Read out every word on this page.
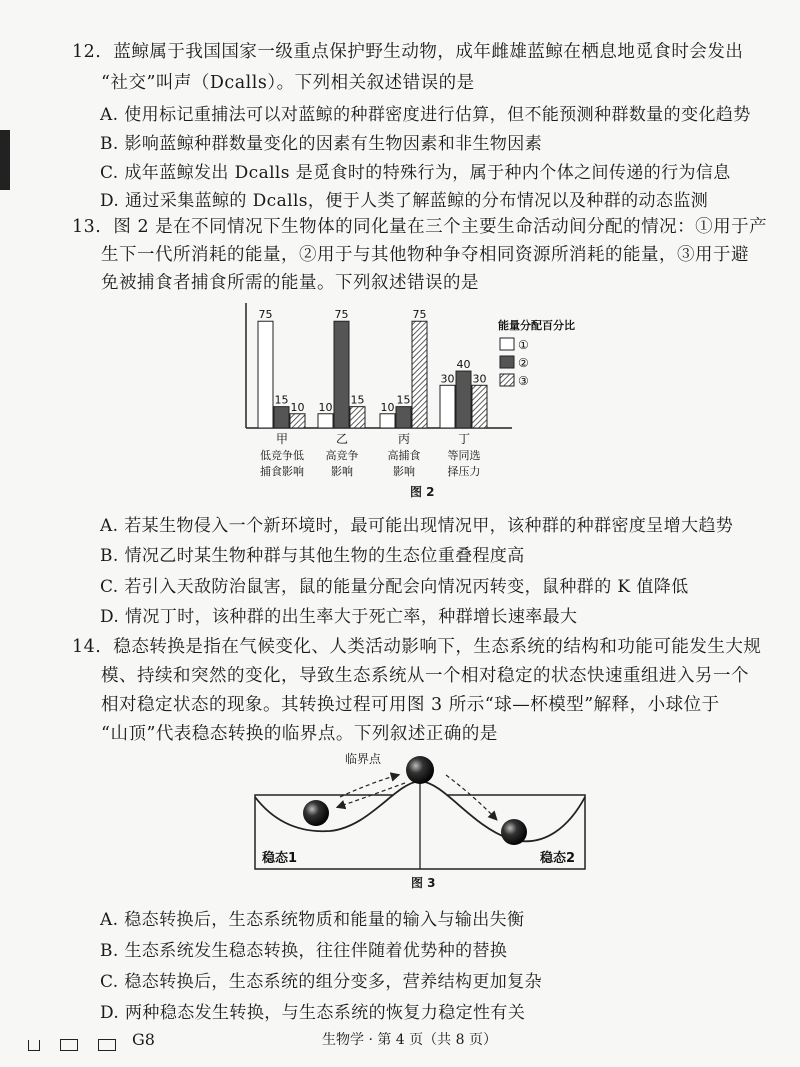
12. 蓝鲸属于我国国家一级重点保护野生动物，成年雌雄蓝鲸在栖息地觅食时会发出
“社交”叫声（Dcalls）。下列相关叙述错误的是
A. 使用标记重捕法可以对蓝鲸的种群密度进行估算，但不能预测种群数量的变化趋势
B. 影响蓝鲸种群数量变化的因素有生物因素和非生物因素
C. 成年蓝鲸发出 Dcalls 是觅食时的特殊行为，属于种内个体之间传递的行为信息
D. 通过采集蓝鲸的 Dcalls，便于人类了解蓝鲸的分布情况以及种群的动态监测
13. 图 2 是在不同情况下生物体的同化量在三个主要生命活动间分配的情况：①用于产
生下一代所消耗的能量，②用于与其他物种争夺相同资源所消耗的能量，③用于避
免被捕食者捕食所需的能量。下列叙述错误的是
75
15
10
甲
低竞争低
捕食影响
10
75
15
乙
高竞争
影响
10
15
75
丙
高捕食
影响
30
40
30
丁
等同选
择压力
能量分配百分比
①
②
③
图 2
A. 若某生物侵入一个新环境时，最可能出现情况甲，该种群的种群密度呈增大趋势
B. 情况乙时某生物种群与其他生物的生态位重叠程度高
C. 若引入天敌防治鼠害，鼠的能量分配会向情况丙转变，鼠种群的 K 值降低
D. 情况丁时，该种群的出生率大于死亡率，种群增长速率最大
14. 稳态转换是指在气候变化、人类活动影响下，生态系统的结构和功能可能发生大规
模、持续和突然的变化，导致生态系统从一个相对稳定的状态快速重组进入另一个
相对稳定状态的现象。其转换过程可用图 3 所示“球—杯模型”解释，小球位于
“山顶”代表稳态转换的临界点。下列叙述正确的是
临界点
稳态1	稳态2
图 3
A. 稳态转换后，生态系统物质和能量的输入与输出失衡
B. 生态系统发生稳态转换，往往伴随着优势种的替换
C. 稳态转换后，生态系统的组分变多，营养结构更加复杂
D. 两种稳态发生转换，与生态系统的恢复力稳定性有关
G8	生物学 · 第 4 页（共 8 页）
